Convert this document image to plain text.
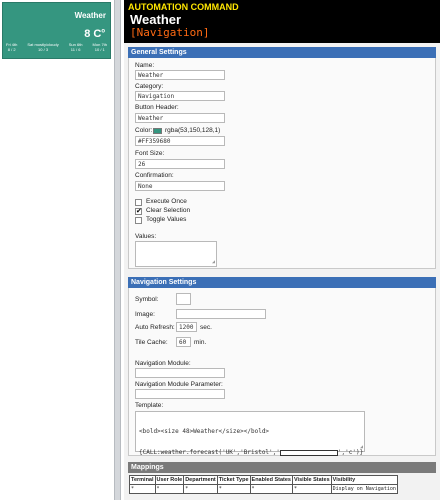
Weather
8 $C^o$
Fri 4th
8 / 2
Sat mostly/cloudy
10 / 3
Sun 6th
11 / 6
Mon 7th
10 / 1
AUTOMATION COMMAND
Weather
[Navigation]
General Settings
Name:
Weather
Category:
Navigation
Button Header:
Weather
Color: rgba(53,150,128,1)
#FF359680
Font Size:
26
Confirmation:
None
Execute Once
✔
Clear Selection
Toggle Values
Values:
◢
Navigation Settings
Symbol:
Image:
Auto Refresh: 1200	sec.
Tile Cache:	60	min.
Navigation Module:
Navigation Module Parameter:
Template:

<bold><size 48>Weather</size></bold>

{CALL:weather.forecast('UK','Bristol','	','c')}

◢

Mappings
Terminal	User Role	Department	Ticket Type	Enabled States	Visible States	Visibility
*	*	*	*	*	*	Display on Navigation
